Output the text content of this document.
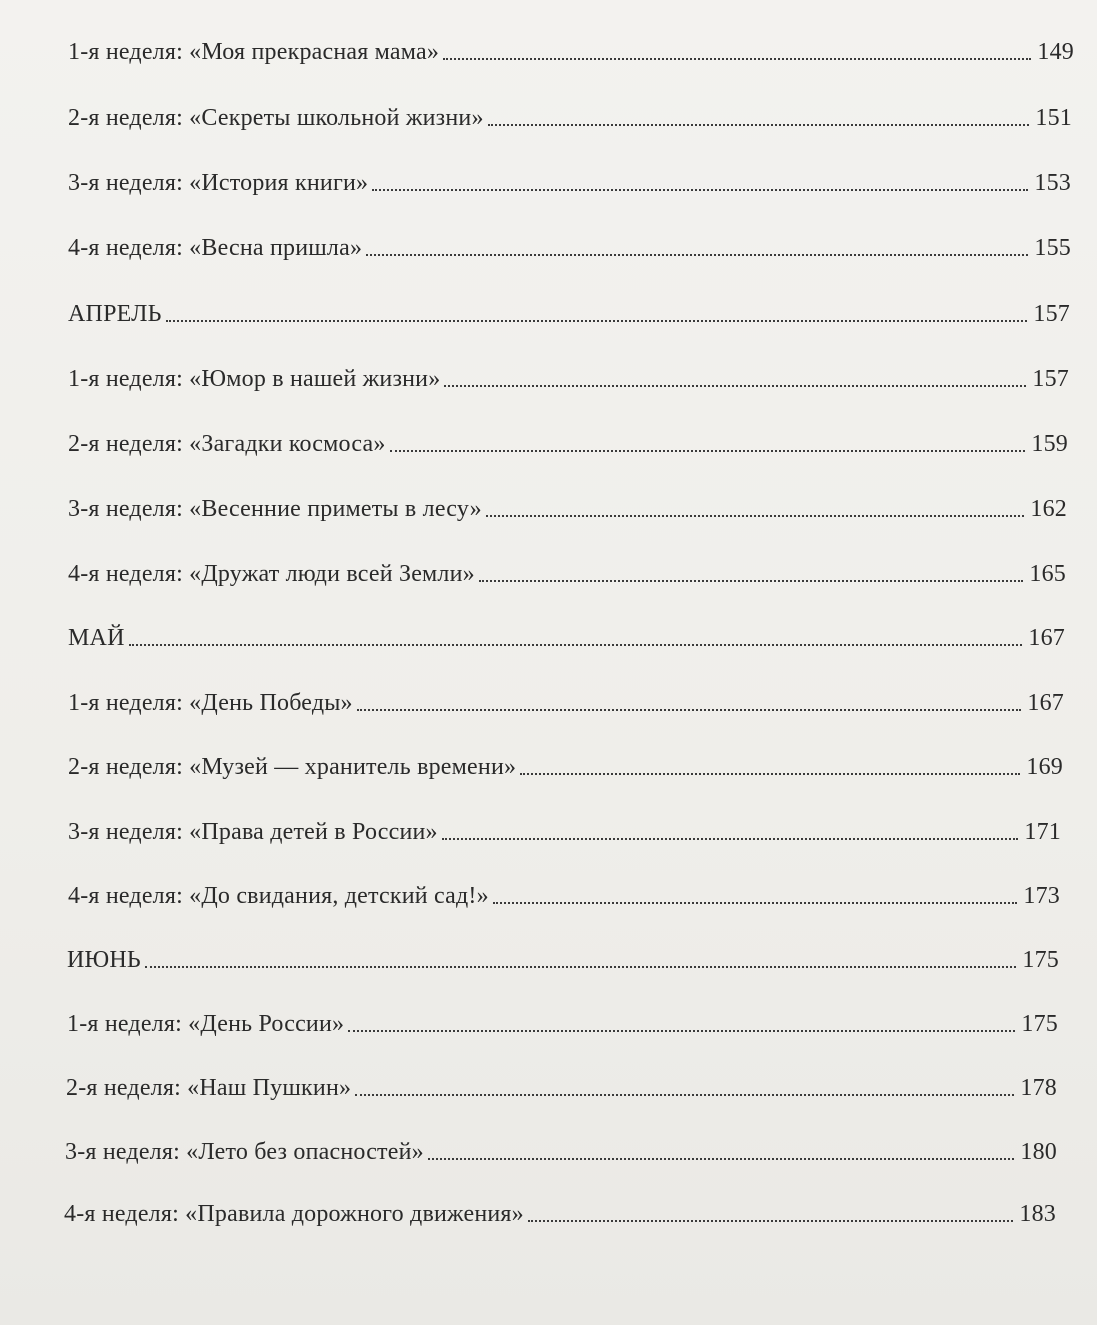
1-я неделя: «Моя прекрасная мама»	149
2-я неделя: «Секреты школьной жизни»	151
3-я неделя: «История книги»	153
4-я неделя: «Весна пришла»	155
АПРЕЛЬ	157
1-я неделя: «Юмор в нашей жизни»	157
2-я неделя: «Загадки космоса»	159
3-я неделя: «Весенние приметы в лесу»	162
4-я неделя: «Дружат люди всей Земли»	165
МАЙ	167
1-я неделя: «День Победы»	167
2-я неделя: «Музей — хранитель времени»	169
3-я неделя: «Права детей в России»	171
4-я неделя: «До свидания, детский сад!»	173
ИЮНЬ	175
1-я неделя: «День России»	175
2-я неделя: «Наш Пушкин»	178
3-я неделя: «Лето без опасностей»	180
4-я неделя: «Правила дорожного движения»	183
